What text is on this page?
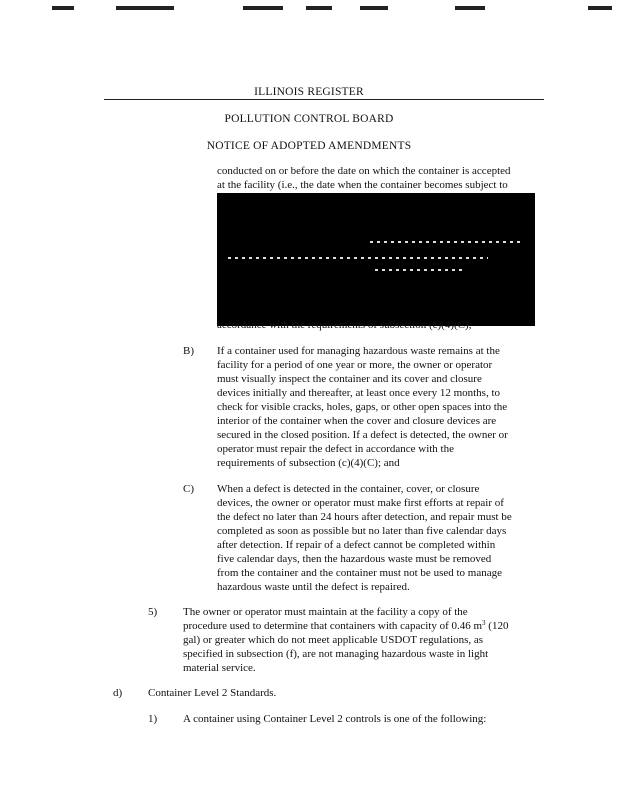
ILLINOIS REGISTER
POLLUTION CONTROL BOARD
NOTICE OF ADOPTED AMENDMENTS
conducted on or before the date on which the container is accepted
at the facility (i.e., the date when the container becomes subject to
accordance with the requirements of subsection (c)(4)(C);
B) If a container used for managing hazardous waste remains at the
facility for a period of one year or more, the owner or operator
must visually inspect the container and its cover and closure
devices initially and thereafter, at least once every 12 months, to
check for visible cracks, holes, gaps, or other open spaces into the
interior of the container when the cover and closure devices are
secured in the closed position. If a defect is detected, the owner or
operator must repair the defect in accordance with the
requirements of subsection (c)(4)(C); and
C) When a defect is detected in the container, cover, or closure
devices, the owner or operator must make first efforts at repair of
the defect no later than 24 hours after detection, and repair must be
completed as soon as possible but no later than five calendar days
after detection. If repair of a defect cannot be completed within
five calendar days, then the hazardous waste must be removed
from the container and the container must not be used to manage
hazardous waste until the defect is repaired.
5) The owner or operator must maintain at the facility a copy of the
procedure used to determine that containers with capacity of 0.46 $m^3$ (120
gal) or greater which do not meet applicable USDOT regulations, as
specified in subsection (f), are not managing hazardous waste in light
material service.
d) Container Level 2 Standards.
1) A container using Container Level 2 controls is one of the following:
